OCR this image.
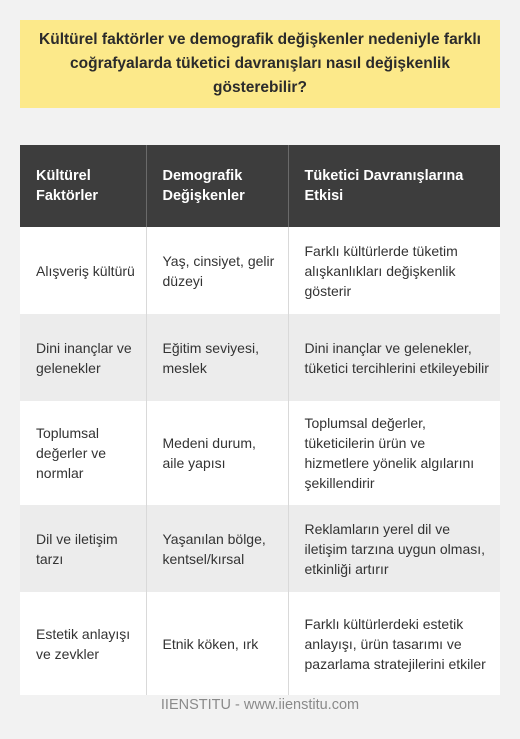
Kültürel faktörler ve demografik değişkenler nedeniyle farklı coğrafyalarda tüketici davranışları nasıl değişkenlik gösterebilir?
Kültürel Faktörler	Demografik Değişkenler	Tüketici Davranışlarına Etkisi
Alışveriş kültürü	Yaş, cinsiyet, gelir düzeyi	Farklı kültürlerde tüketim alışkanlıkları değişkenlik gösterir
Dini inançlar ve gelenekler	Eğitim seviyesi, meslek	Dini inançlar ve gelenekler, tüketici tercihlerini etkileyebilir
Toplumsal değerler ve normlar	Medeni durum, aile yapısı	Toplumsal değerler, tüketicilerin ürün ve hizmetlere yönelik algılarını şekillendirir
Dil ve iletişim tarzı	Yaşanılan bölge, kentsel/kırsal	Reklamların yerel dil ve iletişim tarzına uygun olması, etkinliği artırır
Estetik anlayışı ve zevkler	Etnik köken, ırk	Farklı kültürlerdeki estetik anlayışı, ürün tasarımı ve pazarlama stratejilerini etkiler
IIENSTITU - www.iienstitu.com
